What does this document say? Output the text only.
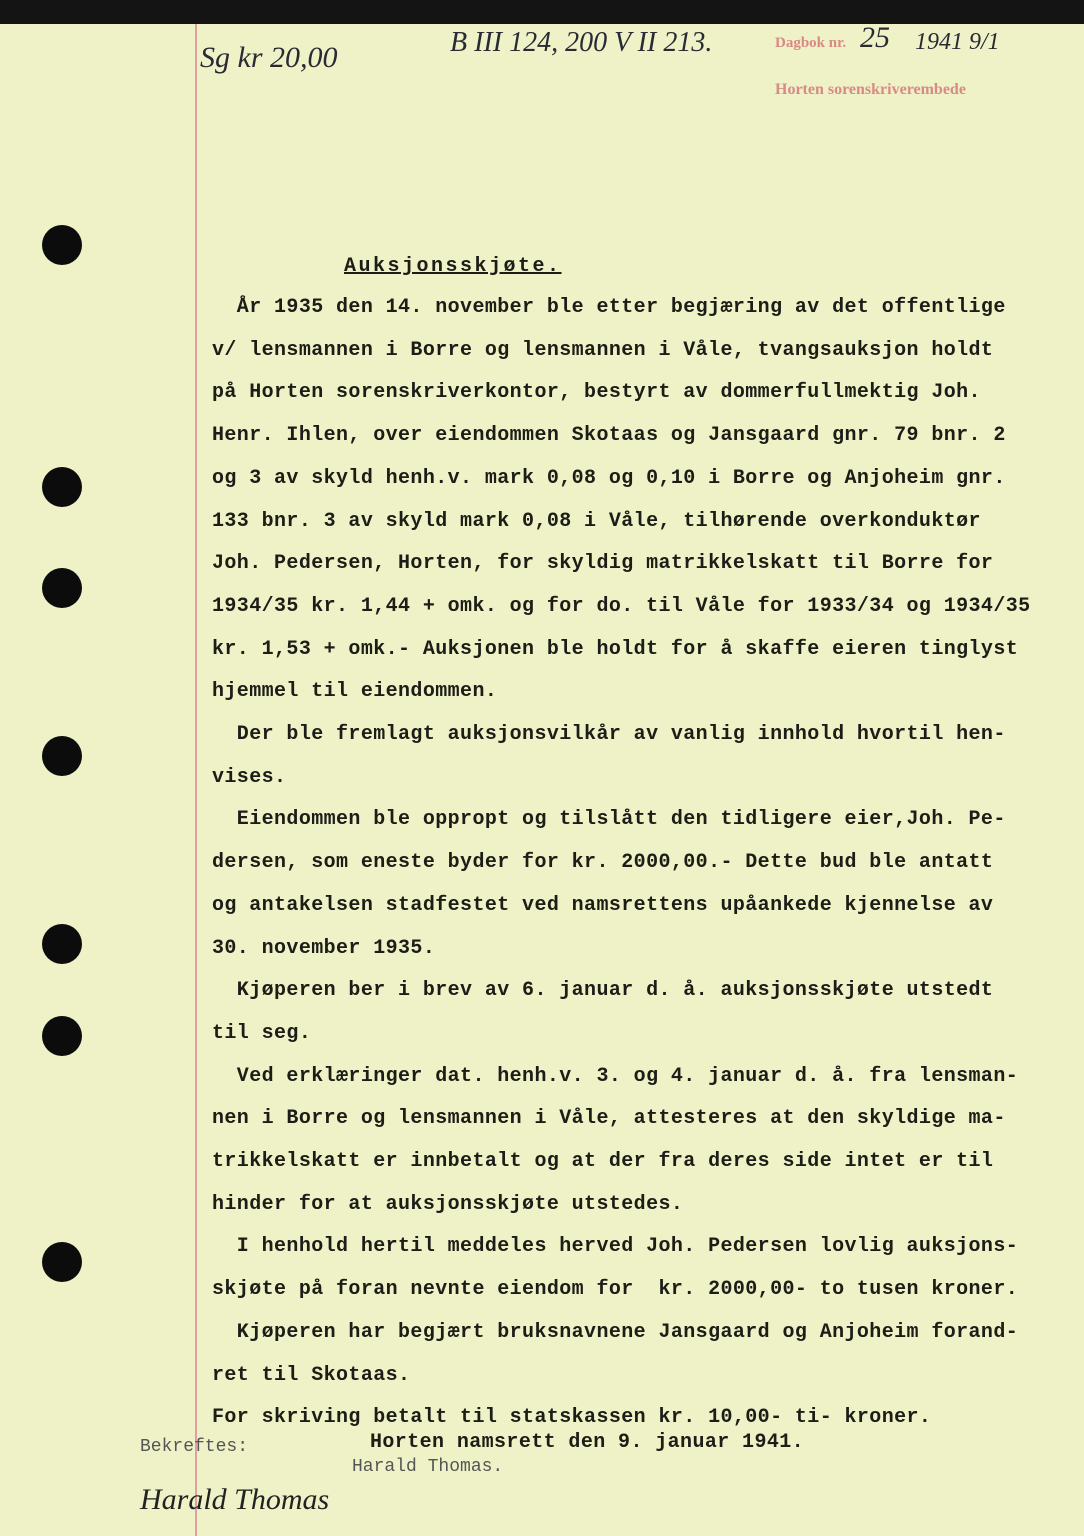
Sg kr 20,00	B III 124, 200 V II 213.	Dagbok nr. 25 1941 9/1
Horten sorenskriverembede
Auksjonsskjøte.
År 1935 den 14. november ble etter begjæring av det offentlige
v/ lensmannen i Borre og lensmannen i Våle, tvangsauksjon holdt
på Horten sorenskriverkontor, bestyrt av dommerfullmektig Joh.
Henr. Ihlen, over eiendommen Skotaas og Jansgaard gnr. 79 bnr. 2
og 3 av skyld henh.v. mark 0,08 og 0,10 i Borre og Anjoheim gnr.
133 bnr. 3 av skyld mark 0,08 i Våle, tilhørende overkonduktør
Joh. Pedersen, Horten, for skyldig matrikkelskatt til Borre for
1934/35 kr. 1,44 + omk. og for do. til Våle for 1933/34 og 1934/35
kr. 1,53 + omk.- Auksjonen ble holdt for å skaffe eieren tinglyst
hjemmel til eiendommen.
Der ble fremlagt auksjonsvilkår av vanlig innhold hvortil hen-
vises.
Eiendommen ble oppropt og tilslått den tidligere eier,Joh. Pe-
dersen, som eneste byder for kr. 2000,00.- Dette bud ble antatt
og antakelsen stadfestet ved namsrettens upåankede kjennelse av
30. november 1935.
Kjøperen ber i brev av 6. januar d. å. auksjonsskjøte utstedt
til seg.
Ved erklæringer dat. henh.v. 3. og 4. januar d. å. fra lensman-
nen i Borre og lensmannen i Våle, attesteres at den skyldige ma-
trikkelskatt er innbetalt og at der fra deres side intet er til
hinder for at auksjonsskjøte utstedes.
I henhold hertil meddeles herved Joh. Pedersen lovlig auksjons-
skjøte på foran nevnte eiendom for  kr. 2000,00- to tusen kroner.
Kjøperen har begjært bruksnavnene Jansgaard og Anjoheim forand-
ret til Skotaas.
For skriving betalt til statskassen kr. 10,00- ti- kroner.
Horten namsrett den 9. januar 1941.
Harald Thomas.
Bekreftes:
Harald Thomas
